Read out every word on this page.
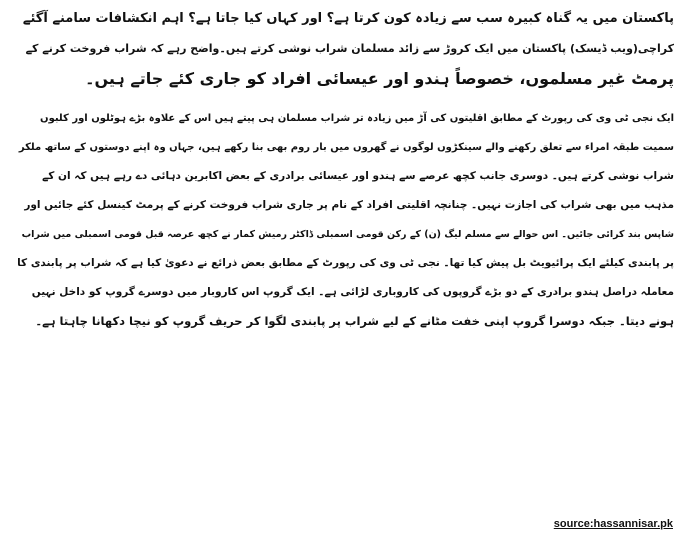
پاکستان میں یہ گناہ کبیرہ سب سے زیادہ کون کرتا ہے؟ اور کہاں کیا جاتا ہے؟ اہم انکشافات سامنے آگئے

کراچی(ویب ڈیسک) پاکستان میں ایک کروڑ سے زائد مسلمان شراب نوشی کرتے ہیں۔واضح رہے کہ شراب فروخت کرنے کے
پرمٹ غیر مسلموں، خصوصاً ہندو اور عیسائی افراد کو جاری کئے جاتے ہیں۔

ایک نجی ٹی وی کی رپورٹ کے مطابق اقلیتوں کی آڑ میں زیادہ تر شراب مسلمان ہی پیتے ہیں اس کے علاوہ بڑے ہوٹلوں اور کلبوں
سمیت طبقہ امراء سے تعلق رکھنے والے سینکڑوں لوگوں نے گھروں میں بار روم بھی بنا رکھے ہیں، جہاں وہ اپنے دوستوں کے ساتھ ملکر
شراب نوشی کرتے ہیں۔ دوسری جانب کچھ عرصے سے ہندو اور عیسائی برادری کے بعض اکابرین دہائی دے رہے ہیں کہ ان کے
مذہب میں بھی شراب کی اجازت نہیں۔ چنانچہ اقلیتی افراد کے نام پر جاری شراب فروخت کرنے کے پرمٹ کینسل کئے جائیں اور
شاپس بند کرائی جائیں۔ اس حوالے سے مسلم لیگ (ن) کے رکن قومی اسمبلی ڈاکٹر رمیش کمار نے کچھ عرصہ قبل قومی اسمبلی میں شراب
پر پابندی کیلئے ایک پرائیویٹ بل پیش کیا تھا۔ نجی ٹی وی کی رپورٹ کے مطابق بعض ذرائع نے دعویٰ کیا ہے کہ شراب پر پابندی کا
معاملہ دراصل ہندو برادری کے دو بڑے گروپوں کی کاروباری لڑائی ہے۔ ایک گروپ اس کاروبار میں دوسرے گروپ کو داخل نہیں
ہونے دیتا۔ جبکہ دوسرا گروپ اپنی خفت مٹانے کے لیے شراب پر پابندی لگوا کر حریف گروپ کو نیچا دکھانا چاہتا ہے۔

source:hassannisar.pk
